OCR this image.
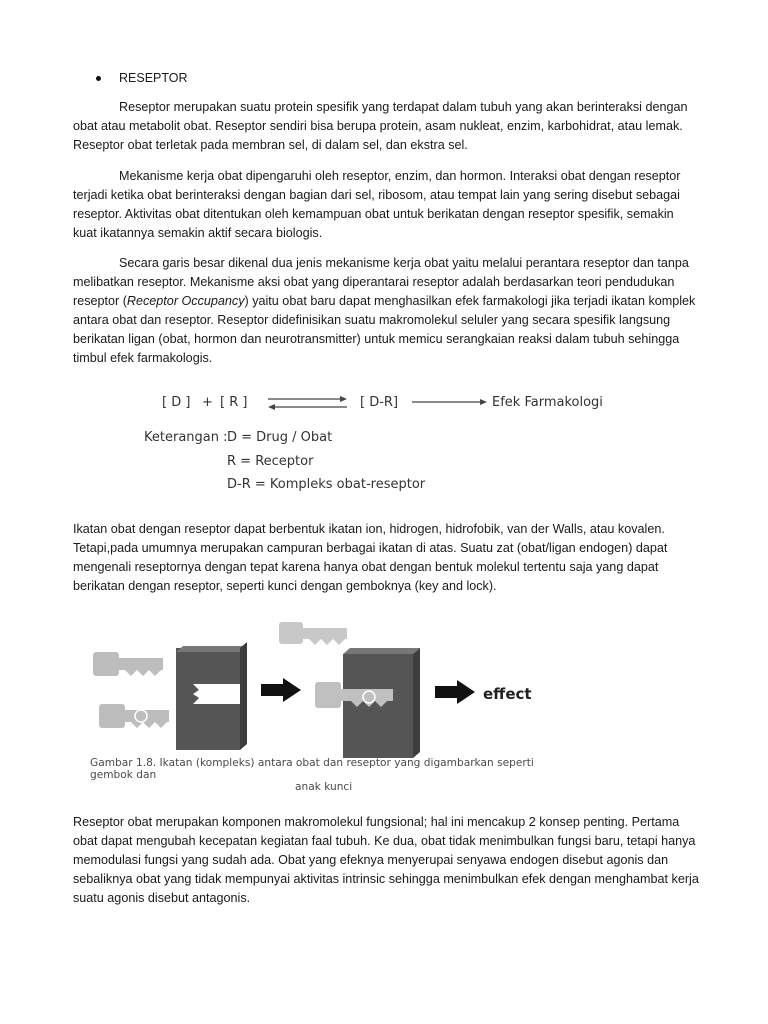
RESEPTOR

Reseptor merupakan suatu protein spesifik yang terdapat dalam tubuh yang akan berinteraksi dengan obat atau metabolit obat. Reseptor sendiri bisa berupa protein, asam nukleat, enzim, karbohidrat, atau lemak. Reseptor obat terletak pada membran sel, di dalam sel, dan ekstra sel.

Mekanisme kerja obat dipengaruhi oleh reseptor, enzim, dan hormon. Interaksi obat dengan reseptor terjadi ketika obat berinteraksi dengan bagian dari sel, ribosom, atau tempat lain yang sering disebut sebagai reseptor. Aktivitas obat ditentukan oleh kemampuan obat untuk berikatan dengan reseptor spesifik, semakin kuat ikatannya semakin aktif secara biologis.

Secara garis besar dikenal dua jenis mekanisme kerja obat yaitu melalui perantara reseptor dan tanpa melibatkan reseptor. Mekanisme aksi obat yang diperantarai reseptor adalah berdasarkan teori pendudukan reseptor (Receptor Occupancy) yaitu obat baru dapat menghasilkan efek farmakologi jika terjadi ikatan komplek antara obat dan reseptor. Reseptor didefinisikan suatu makromolekul seluler yang secara spesifik langsung berikatan ligan (obat, hormon dan neurotransmitter) untuk memicu serangkaian reaksi dalam tubuh sehingga timbul efek farmakologis.

[ D ] + [ R ]	[ D-R]	Efek Farmakologi
Keterangan : D = Drug / Obat
R = Receptor
D-R = Kompleks obat-reseptor

Ikatan obat dengan reseptor dapat berbentuk ikatan ion, hidrogen, hidrofobik, van der Walls, atau kovalen. Tetapi,pada umumnya merupakan campuran berbagai ikatan di atas. Suatu zat (obat/ligan endogen) dapat mengenali reseptornya dengan tepat karena hanya obat dengan bentuk molekul tertentu saja yang dapat berikatan dengan reseptor, seperti kunci dengan gemboknya (key and lock).

effect
Gambar 1.8. Ikatan (kompleks) antara obat dan reseptor yang digambarkan seperti gembok dan
anak kunci

Reseptor obat merupakan komponen makromolekul fungsional; hal ini mencakup 2 konsep penting. Pertama obat dapat mengubah kecepatan kegiatan faal tubuh. Ke dua, obat tidak menimbulkan fungsi baru, tetapi hanya memodulasi fungsi yang sudah ada. Obat yang efeknya menyerupai senyawa endogen disebut agonis dan sebaliknya obat yang tidak mempunyai aktivitas intrinsic sehingga menimbulkan efek dengan menghambat kerja suatu agonis disebut antagonis.
